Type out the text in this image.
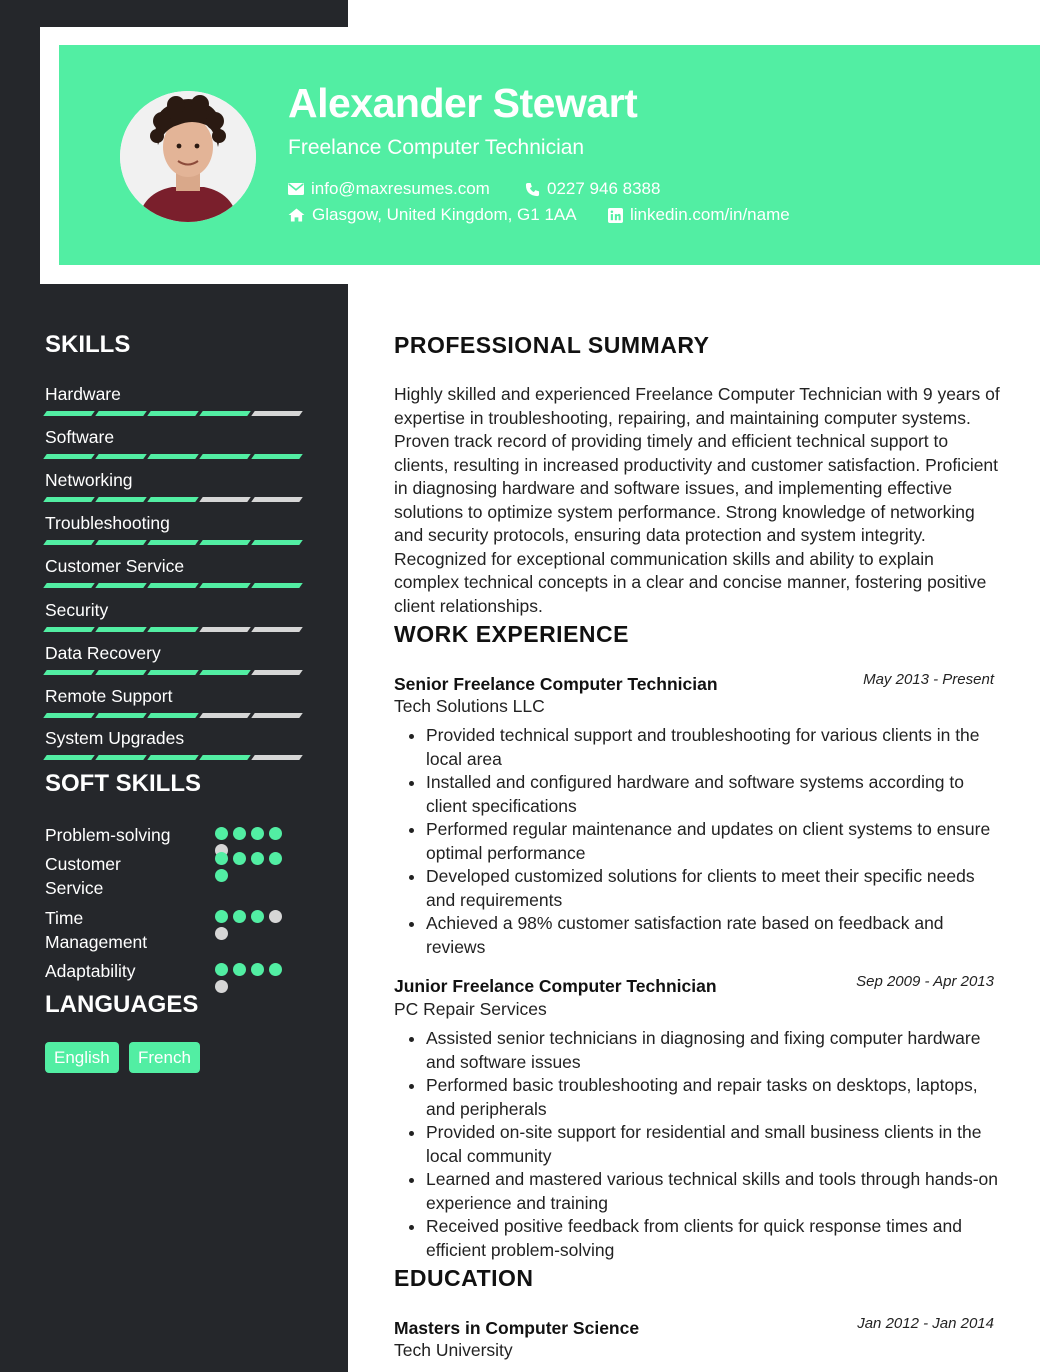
Alexander Stewart
Freelance Computer Technician
info@maxresumes.com	0227 946 8388
Glasgow, United Kingdom, G1 1AA	linkedin.com/in/name
SKILLS
Hardware
Software
Networking
Troubleshooting
Customer Service
Security
Data Recovery
Remote Support
System Upgrades
SOFT SKILLS
Problem-solving
Customer Service
Time Management
Adaptability
LANGUAGES
English	French
PROFESSIONAL SUMMARY

Highly skilled and experienced Freelance Computer Technician with 9 years of expertise in troubleshooting, repairing, and maintaining computer systems. Proven track record of providing timely and efficient technical support to clients, resulting in increased productivity and customer satisfaction. Proficient in diagnosing hardware and software issues, and implementing effective solutions to optimize system performance. Strong knowledge of networking and security protocols, ensuring data protection and system integrity. Recognized for exceptional communication skills and ability to explain complex technical concepts in a clear and concise manner, fostering positive client relationships.

WORK EXPERIENCE
Senior Freelance Computer Technician	May 2013 - Present
Tech Solutions LLC
• Provided technical support and troubleshooting for various clients in the local area
• Installed and configured hardware and software systems according to client specifications
• Performed regular maintenance and updates on client systems to ensure optimal performance
• Developed customized solutions for clients to meet their specific needs and requirements
• Achieved a 98% customer satisfaction rate based on feedback and reviews
Junior Freelance Computer Technician	Sep 2009 - Apr 2013
PC Repair Services
• Assisted senior technicians in diagnosing and fixing computer hardware and software issues
• Performed basic troubleshooting and repair tasks on desktops, laptops, and peripherals
• Provided on-site support for residential and small business clients in the local community
• Learned and mastered various technical skills and tools through hands-on experience and training
• Received positive feedback from clients for quick response times and efficient problem-solving
EDUCATION
Masters in Computer Science	Jan 2012 - Jan 2014
Tech University
